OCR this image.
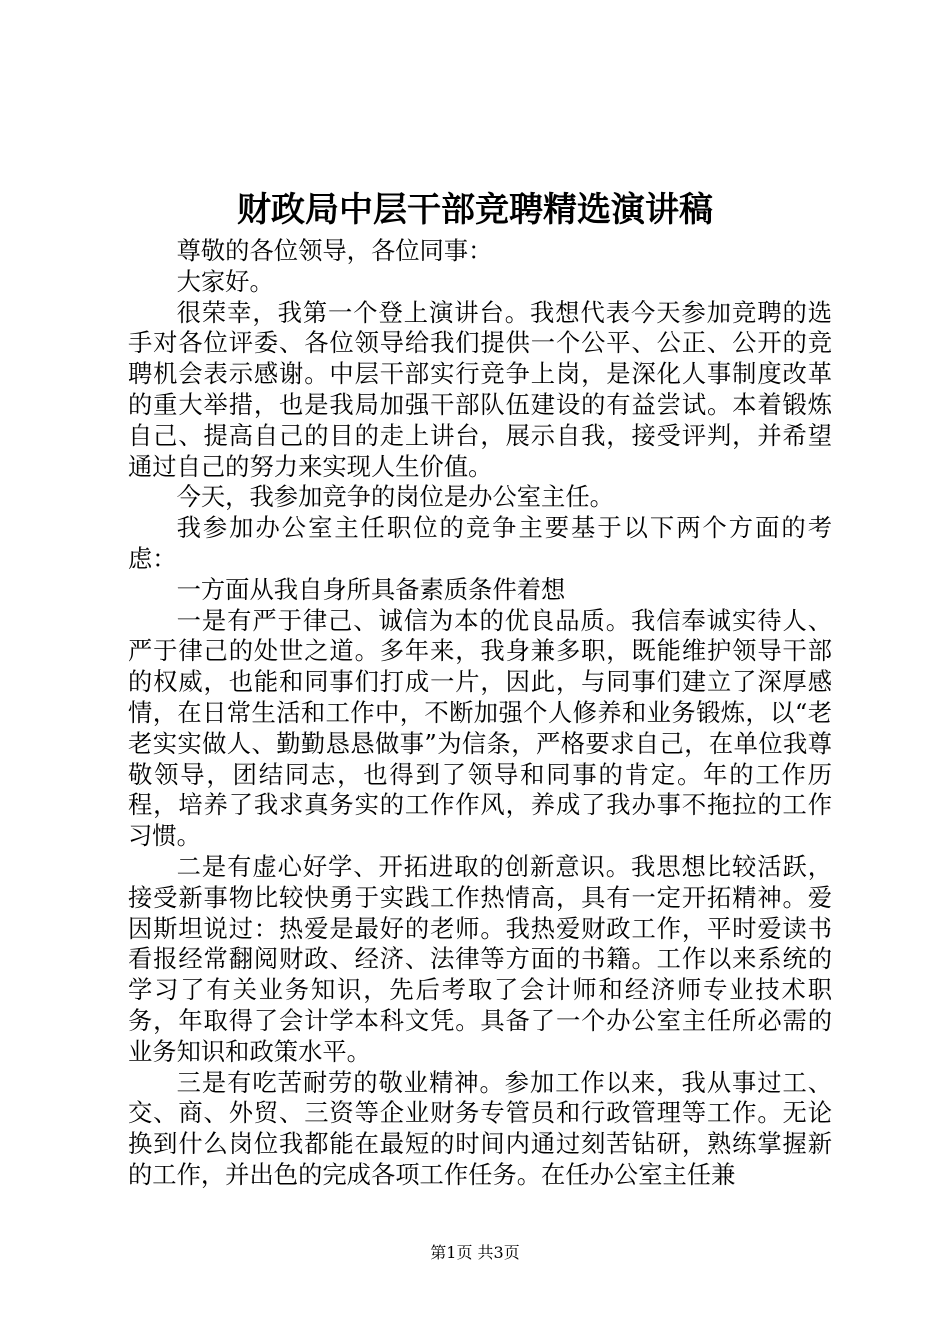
财政局中层干部竞聘精选演讲稿

尊敬的各位领导，各位同事：

大家好。

很荣幸，我第一个登上演讲台。我想代表今天参加竞聘的选手对各位评委、各位领导给我们提供一个公平、公正、公开的竞聘机会表示感谢。中层干部实行竞争上岗，是深化人事制度改革的重大举措，也是我局加强干部队伍建设的有益尝试。本着锻炼自己、提高自己的目的走上讲台，展示自我，接受评判，并希望通过自己的努力来实现人生价值。

今天，我参加竞争的岗位是办公室主任。

我参加办公室主任职位的竞争主要基于以下两个方面的考虑：

一方面从我自身所具备素质条件着想

一是有严于律己、诚信为本的优良品质。我信奉诚实待人、严于律己的处世之道。多年来，我身兼多职，既能维护领导干部的权威，也能和同事们打成一片，因此，与同事们建立了深厚感情，在日常生活和工作中，不断加强个人修养和业务锻炼，以“老老实实做人、勤勤恳恳做事”为信条，严格要求自己，在单位我尊敬领导，团结同志，也得到了领导和同事的肯定。年的工作历程，培养了我求真务实的工作作风，养成了我办事不拖拉的工作习惯。

二是有虚心好学、开拓进取的创新意识。我思想比较活跃，接受新事物比较快勇于实践工作热情高，具有一定开拓精神。爱因斯坦说过：热爱是最好的老师。我热爱财政工作，平时爱读书看报经常翻阅财政、经济、法律等方面的书籍。工作以来系统的学习了有关业务知识，先后考取了会计师和经济师专业技术职务，年取得了会计学本科文凭。具备了一个办公室主任所必需的业务知识和政策水平。

三是有吃苦耐劳的敬业精神。参加工作以来，我从事过工、交、商、外贸、三资等企业财务专管员和行政管理等工作。无论换到什么岗位我都能在最短的时间内通过刻苦钻研，熟练掌握新的工作，并出色的完成各项工作任务。在任办公室主任兼

第1页 共3页
